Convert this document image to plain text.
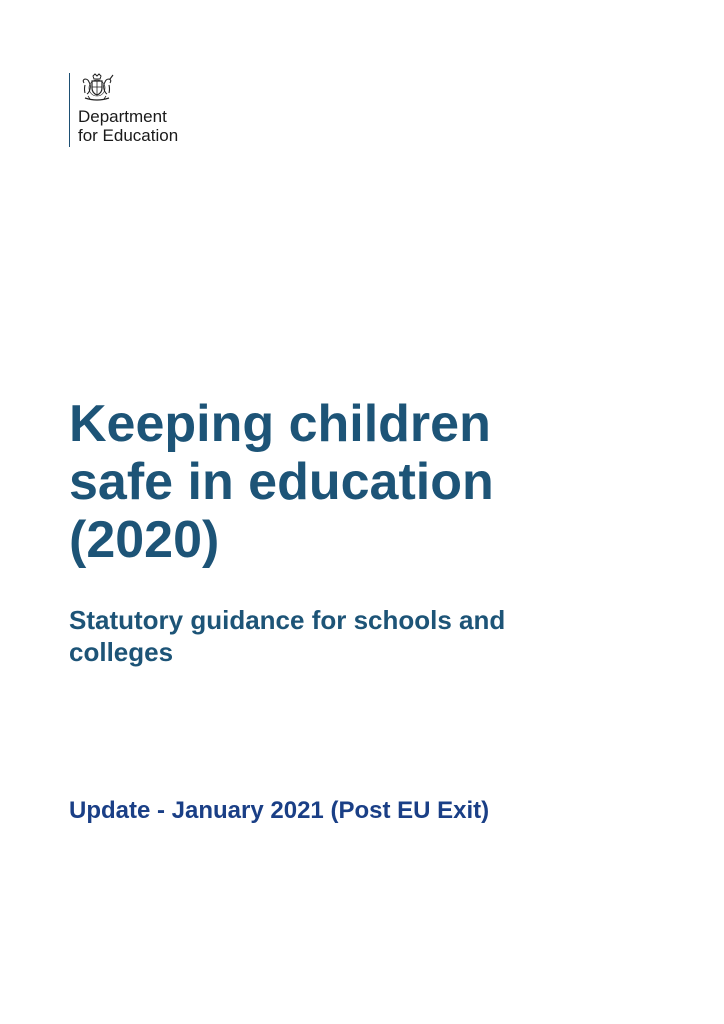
Department
for Education
Keeping children
safe in education
(2020)
Statutory guidance for schools and
colleges

Update - January 2021 (Post EU Exit)
